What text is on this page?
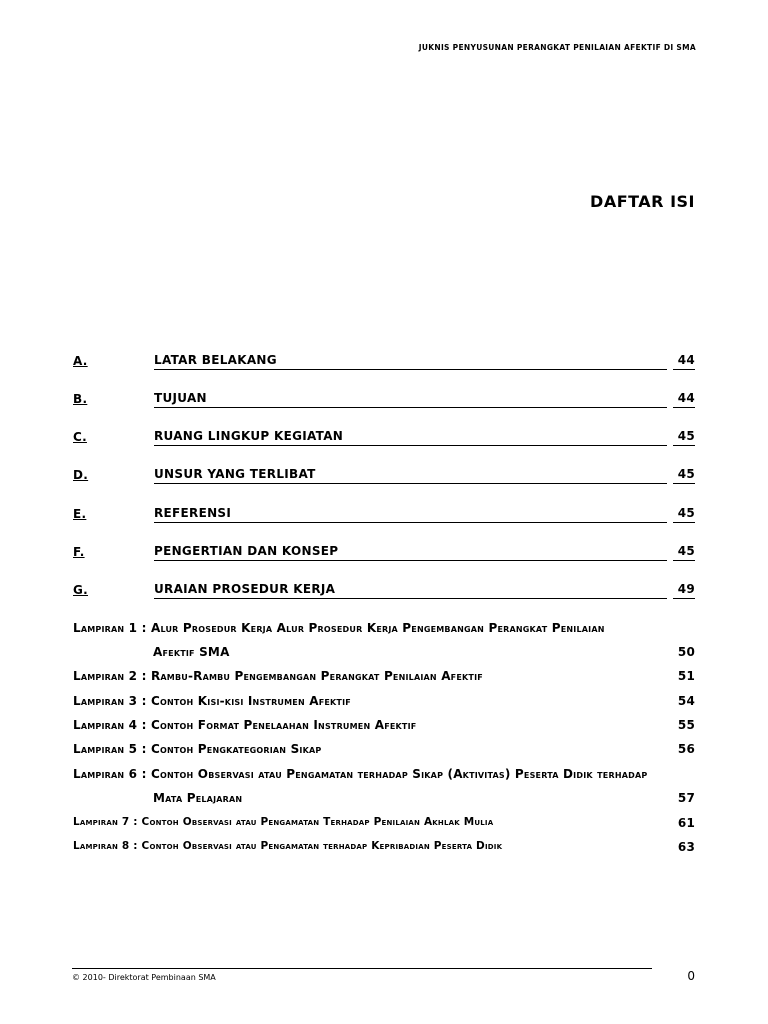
JUKNIS PENYUSUNAN PERANGKAT PENILAIAN AFEKTIF DI SMA
DAFTAR ISI
A.	LATAR BELAKANG	44
B.	TUJUAN	44
C.	RUANG LINGKUP KEGIATAN	45
D.	UNSUR YANG TERLIBAT	45
E.	REFERENSI	45
F.	PENGERTIAN DAN KONSEP	45
G.	URAIAN PROSEDUR KERJA	49
Lampiran 1 : Alur Prosedur Kerja Alur Prosedur Kerja Pengembangan Perangkat Penilaian
Afektif SMA	50
Lampiran 2 : Rambu-Rambu Pengembangan Perangkat Penilaian Afektif	51
Lampiran 3 : Contoh Kisi-kisi Instrumen Afektif	54
Lampiran 4 : Contoh Format Penelaahan Instrumen Afektif	55
Lampiran 5 : Contoh Pengkategorian Sikap	56
Lampiran 6 : Contoh Observasi atau Pengamatan terhadap Sikap (Aktivitas) Peserta Didik terhadap
Mata Pelajaran	57
Lampiran 7 : Contoh Observasi atau Pengamatan Terhadap Penilaian Akhlak Mulia	61
Lampiran 8 : Contoh Observasi atau Pengamatan terhadap Kepribadian Peserta Didik	63
© 2010- Direktorat Pembinaan SMA	0
